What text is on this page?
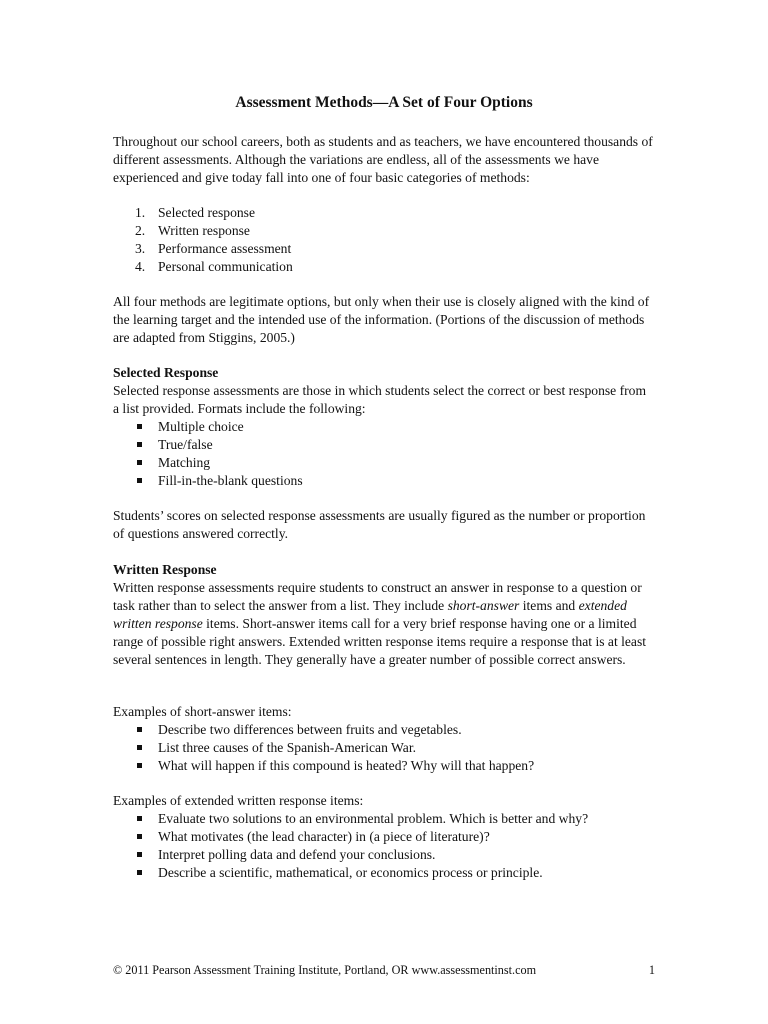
Assessment Methods—A Set of Four Options

Throughout our school careers, both as students and as teachers, we have encountered thousands of different assessments. Although the variations are endless, all of the assessments we have experienced and give today fall into one of four basic categories of methods:

1. Selected response
2. Written response
3. Performance assessment
4. Personal communication

All four methods are legitimate options, but only when their use is closely aligned with the kind of the learning target and the intended use of the information. (Portions of the discussion of methods are adapted from Stiggins, 2005.)

Selected Response

Selected response assessments are those in which students select the correct or best response from a list provided. Formats include the following:

Multiple choice
True/false
Matching
Fill-in-the-blank questions

Students’ scores on selected response assessments are usually figured as the number or proportion of questions answered correctly.

Written Response

Written response assessments require students to construct an answer in response to a question or task rather than to select the answer from a list. They include short-answer items and extended written response items. Short-answer items call for a very brief response having one or a limited range of possible right answers. Extended written response items require a response that is at least several sentences in length. They generally have a greater number of possible correct answers.

Examples of short-answer items:
Describe two differences between fruits and vegetables.
List three causes of the Spanish-American War.
What will happen if this compound is heated? Why will that happen?
Examples of extended written response items:
Evaluate two solutions to an environmental problem. Which is better and why?
What motivates (the lead character) in (a piece of literature)?
Interpret polling data and defend your conclusions.
Describe a scientific, mathematical, or economics process or principle.
© 2011 Pearson Assessment Training Institute, Portland, OR www.assessmentinst.com	1
